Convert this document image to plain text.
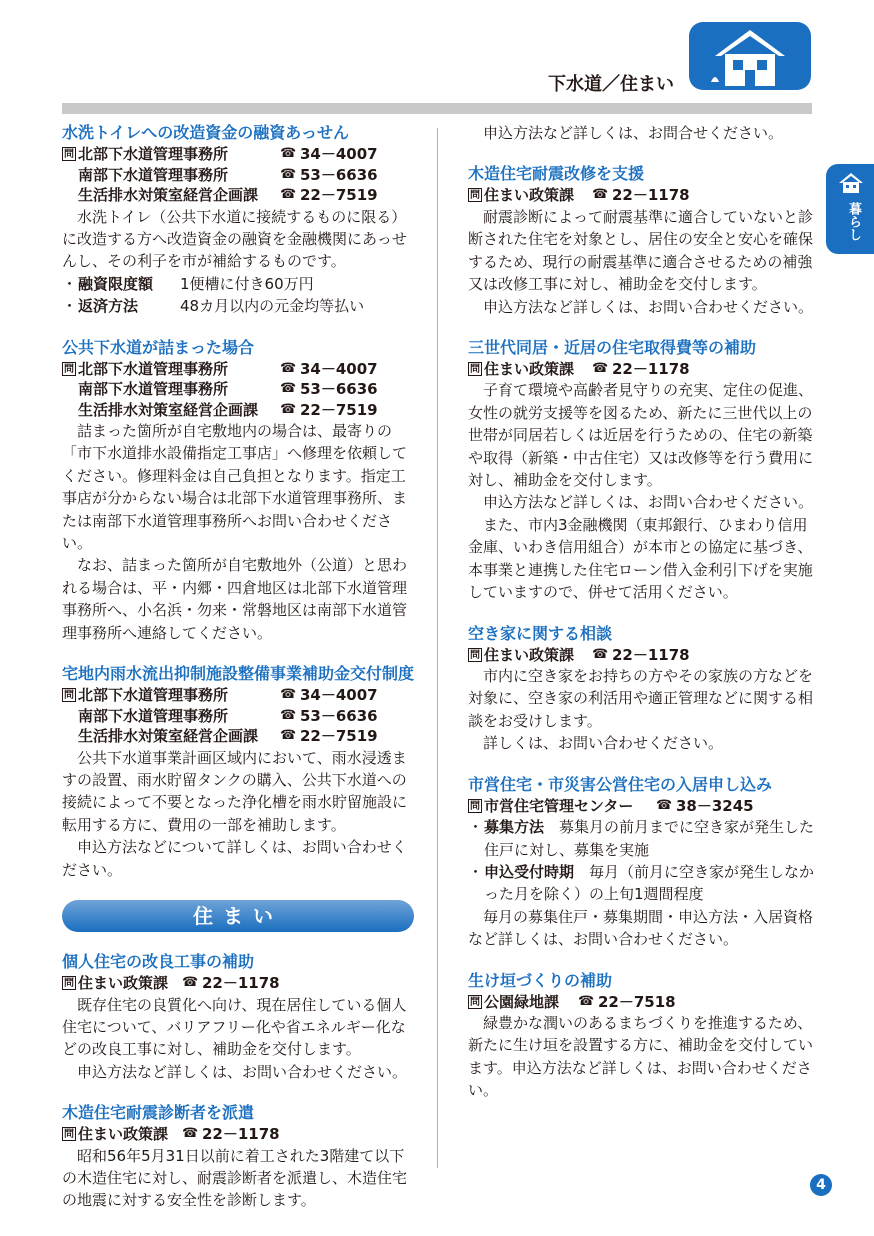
下水道／住まい
暮らし
水洗トイレへの改造資金の融資あっせん
問 北部下水道管理事務所	☎ 34－4007
南部下水道管理事務所	☎ 53－6636
生活排水対策室経営企画課	☎ 22－7519
水洗トイレ（公共下水道に接続するものに限る）に改造する方へ改造資金の融資を金融機関にあっせんし、その利子を市が補給するものです。
・ 融資限度額	1便槽に付き60万円
・ 返済方法	48カ月以内の元金均等払い
公共下水道が詰まった場合
問 北部下水道管理事務所	☎ 34－4007
南部下水道管理事務所	☎ 53－6636
生活排水対策室経営企画課	☎ 22－7519
詰まった箇所が自宅敷地内の場合は、最寄りの「市下水道排水設備指定工事店」へ修理を依頼してください。修理料金は自己負担となります。指定工事店が分からない場合は北部下水道管理事務所、または南部下水道管理事務所へお問い合わせください。
なお、詰まった箇所が自宅敷地外（公道）と思われる場合は、平・内郷・四倉地区は北部下水道管理事務所へ、小名浜・勿来・常磐地区は南部下水道管理事務所へ連絡してください。
宅地内雨水流出抑制施設整備事業補助金交付制度
問 北部下水道管理事務所	☎ 34－4007
南部下水道管理事務所	☎ 53－6636
生活排水対策室経営企画課	☎ 22－7519
公共下水道事業計画区域内において、雨水浸透ますの設置、雨水貯留タンクの購入、公共下水道への接続によって不要となった浄化槽を雨水貯留施設に転用する方に、費用の一部を補助します。
申込方法などについて詳しくは、お問い合わせください。
住まい
個人住宅の改良工事の補助
問 住まい政策課	☎ 22－1178
既存住宅の良質化へ向け、現在居住している個人住宅について、バリアフリー化や省エネルギー化などの改良工事に対し、補助金を交付します。
申込方法など詳しくは、お問い合わせください。
木造住宅耐震診断者を派遣
問 住まい政策課	☎ 22－1178
昭和56年5月31日以前に着工された3階建て以下の木造住宅に対し、耐震診断者を派遣し、木造住宅の地震に対する安全性を診断します。
申込方法など詳しくは、お問合せください。
木造住宅耐震改修を支援
問 住まい政策課	☎ 22－1178
耐震診断によって耐震基準に適合していないと診断された住宅を対象とし、居住の安全と安心を確保するため、現行の耐震基準に適合させるための補強又は改修工事に対し、補助金を交付します。
申込方法など詳しくは、お問い合わせください。
三世代同居・近居の住宅取得費等の補助
問 住まい政策課	☎ 22－1178
子育て環境や高齢者見守りの充実、定住の促進、女性の就労支援等を図るため、新たに三世代以上の世帯が同居若しくは近居を行うための、住宅の新築や取得（新築・中古住宅）又は改修等を行う費用に対し、補助金を交付します。
申込方法など詳しくは、お問い合わせください。
また、市内3金融機関（東邦銀行、ひまわり信用金庫、いわき信用組合）が本市との協定に基づき、本事業と連携した住宅ローン借入金利引下げを実施していますので、併せて活用ください。
空き家に関する相談
問 住まい政策課	☎ 22－1178
市内に空き家をお持ちの方やその家族の方などを対象に、空き家の利活用や適正管理などに関する相談をお受けします。
詳しくは、お問い合わせください。
市営住宅・市災害公営住宅の入居申し込み
問 市営住宅管理センター	☎ 38－3245
・ 募集方法　 募集月の前月までに空き家が発生した住戸に対し、募集を実施
・ 申込受付時期　 毎月（前月に空き家が発生しなかった月を除く）の上旬1週間程度
毎月の募集住戸・募集期間・申込方法・入居資格など詳しくは、お問い合わせください。
生け垣づくりの補助
問 公園緑地課	☎ 22－7518
緑豊かな潤いのあるまちづくりを推進するため、新たに生け垣を設置する方に、補助金を交付しています。申込方法など詳しくは、お問い合わせください。
4
